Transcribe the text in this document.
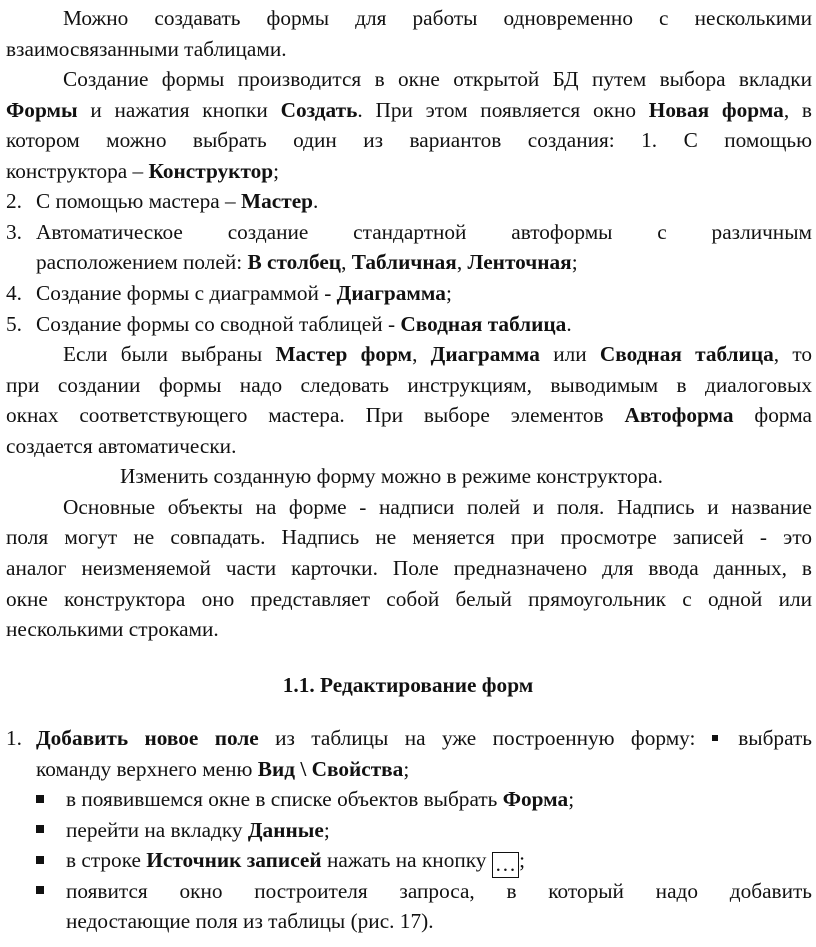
Можно создавать формы для работы одновременно с несколькими
взаимосвязанными таблицами.
Создание формы производится в окне открытой БД путем выбора вкладки
Формы и нажатия кнопки Создать. При этом появляется окно Новая форма, в
котором можно выбрать один из вариантов создания: 1. С помощью
конструктора – Конструктор;
2. С помощью мастера – Мастер.
3. Автоматическое создание стандартной автоформы с различным
расположением полей: В столбец, Табличная, Ленточная;
4. Создание формы с диаграммой - Диаграмма;
5. Создание формы со сводной таблицей - Сводная таблица.
Если были выбраны Мастер форм, Диаграмма или Сводная таблица, то
при создании формы надо следовать инструкциям, выводимым в диалоговых
окнах соответствующего мастера. При выборе элементов Автоформа форма
создается автоматически.
Изменить созданную форму можно в режиме конструктора.
Основные объекты на форме - надписи полей и поля. Надпись и название
поля могут не совпадать. Надпись не меняется при просмотре записей - это
аналог неизменяемой части карточки. Поле предназначено для ввода данных, в
окне конструктора оно представляет собой белый прямоугольник с одной или
несколькими строками.
1.1. Редактирование форм
1. Добавить новое поле из таблицы на уже построенную форму:  выбрать
команду верхнего меню Вид \ Свойства;
в появившемся окне в списке объектов выбрать Форма;
перейти на вкладку Данные;
в строке Источник записей нажать на кнопку … ;
появится окно построителя запроса, в который надо добавить
недостающие поля из таблицы (рис. 17).
